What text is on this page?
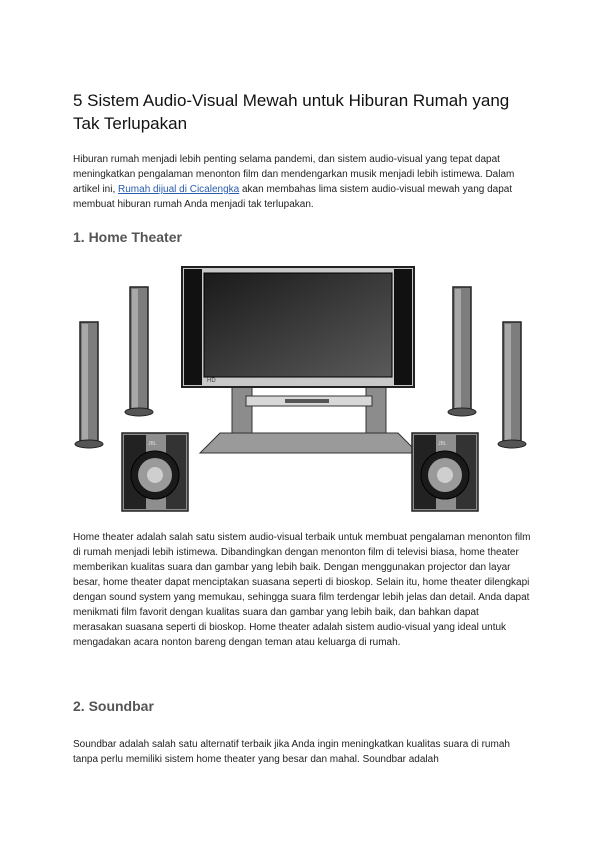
5 Sistem Audio-Visual Mewah untuk Hiburan Rumah yang Tak Terlupakan

Hiburan rumah menjadi lebih penting selama pandemi, dan sistem audio-visual yang tepat dapat meningkatkan pengalaman menonton film dan mendengarkan musik menjadi lebih istimewa. Dalam artikel ini, Rumah dijual di Cicalengka akan membahas lima sistem audio-visual mewah yang dapat membuat hiburan rumah Anda menjadi tak terlupakan.

1. Home Theater
HD
JBL	JBL

Home theater adalah salah satu sistem audio-visual terbaik untuk membuat pengalaman menonton film di rumah menjadi lebih istimewa. Dibandingkan dengan menonton film di televisi biasa, home theater memberikan kualitas suara dan gambar yang lebih baik. Dengan menggunakan projector dan layar besar, home theater dapat menciptakan suasana seperti di bioskop. Selain itu, home theater dilengkapi dengan sound system yang memukau, sehingga suara film terdengar lebih jelas dan detail. Anda dapat menikmati film favorit dengan kualitas suara dan gambar yang lebih baik, dan bahkan dapat merasakan suasana seperti di bioskop. Home theater adalah sistem audio-visual yang ideal untuk mengadakan acara nonton bareng dengan teman atau keluarga di rumah.

2. Soundbar

Soundbar adalah salah satu alternatif terbaik jika Anda ingin meningkatkan kualitas suara di rumah tanpa perlu memiliki sistem home theater yang besar dan mahal. Soundbar adalah
